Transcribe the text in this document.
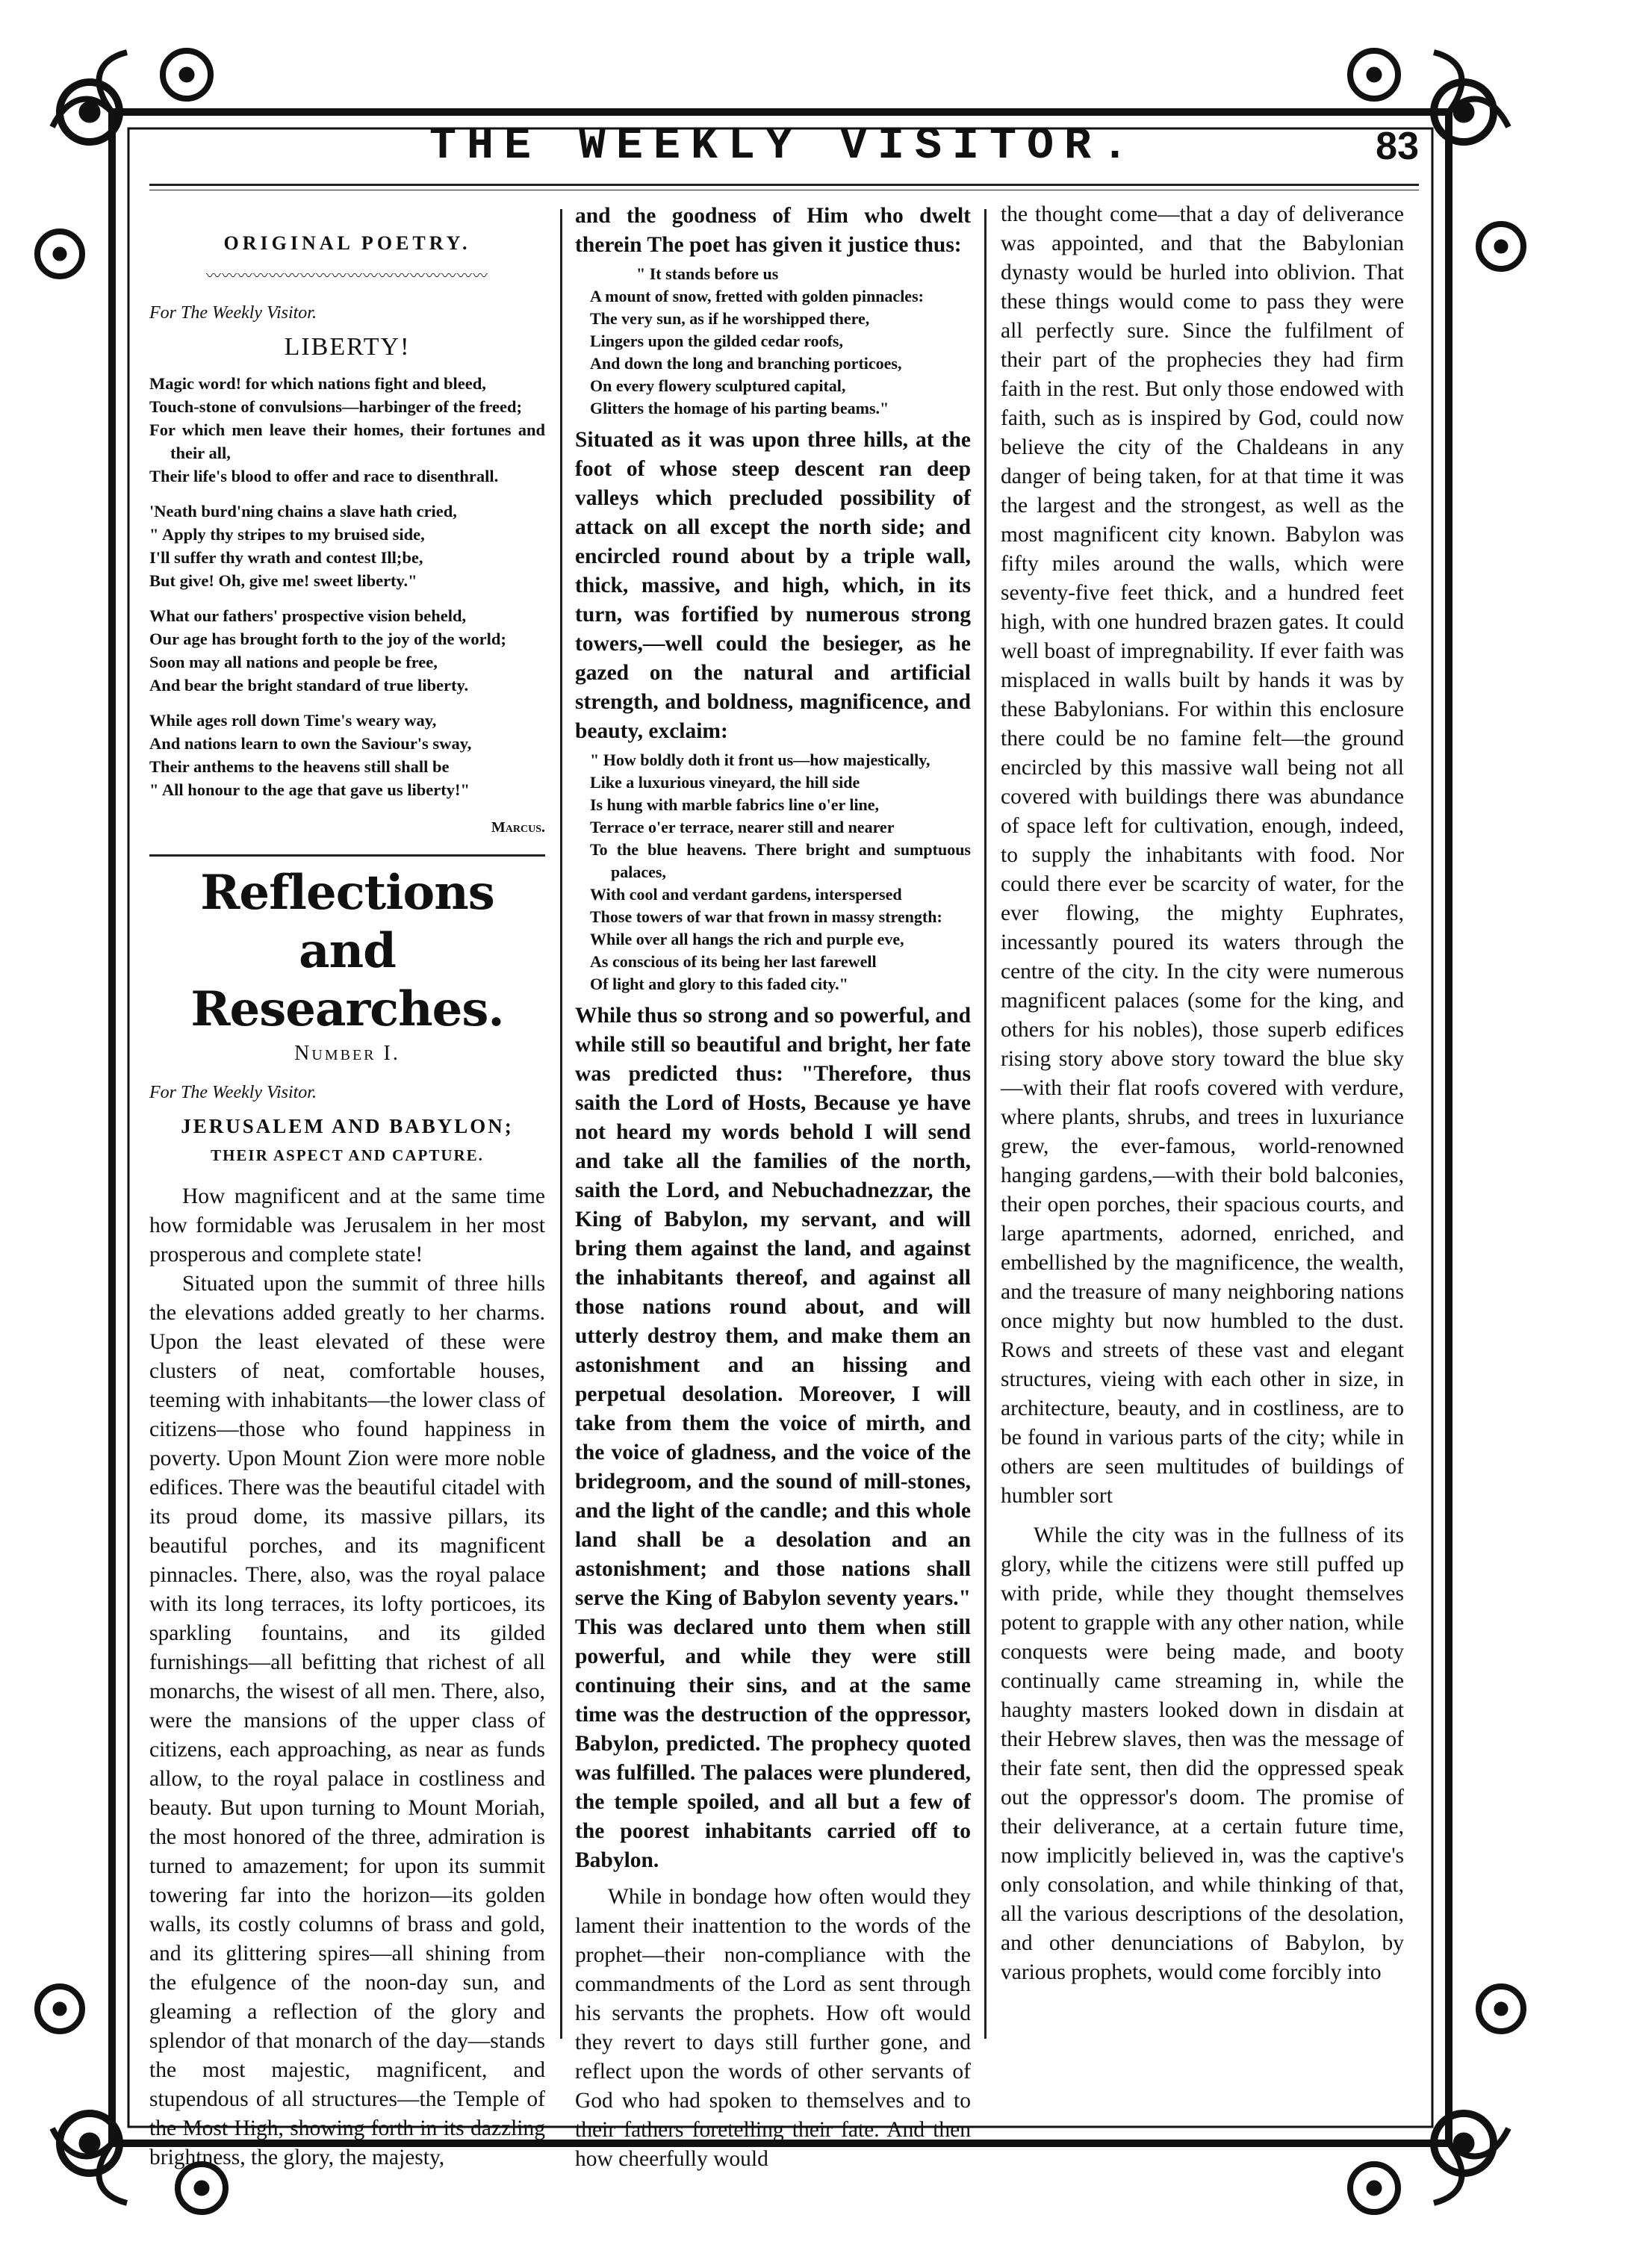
THE WEEKLY VISITOR.	83
ORIGINAL POETRY.
〰〰〰〰〰〰〰〰〰〰〰〰〰〰〰〰〰〰
For The Weekly Visitor.
LIBERTY!

Magic word! for which nations fight and bleed,

Touch-stone of convulsions—harbinger of the freed;

For which men leave their homes, their fortunes and their all,

Their life's blood to offer and race to disenthrall.

'Neath burd'ning chains a slave hath cried,

" Apply thy stripes to my bruised side,

I'll suffer thy wrath and contest Ill;be,

But give! Oh, give me! sweet liberty."

What our fathers' prospective vision beheld,

Our age has brought forth to the joy of the world;

Soon may all nations and people be free,

And bear the bright standard of true liberty.

While ages roll down Time's weary way,

And nations learn to own the Saviour's sway,

Their anthems to the heavens still shall be

" All honour to the age that gave us liberty!"

Marcus.
Reflections and Researches.
Number I.
For The Weekly Visitor.
JERUSALEM AND BABYLON;
THEIR ASPECT AND CAPTURE.

How magnificent and at the same time how formidable was Jerusalem in her most prosperous and complete state!

Situated upon the summit of three hills the elevations added greatly to her charms. Upon the least elevated of these were clusters of neat, comfortable houses, teeming with inhabitants—the lower class of citizens—those who found happiness in poverty. Upon Mount Zion were more noble edifices. There was the beautiful citadel with its proud dome, its massive pillars, its beautiful porches, and its magnificent pinnacles. There, also, was the royal palace with its long terraces, its lofty porticoes, its sparkling fountains, and its gilded furnishings—all befitting that richest of all monarchs, the wisest of all men. There, also, were the mansions of the upper class of citizens, each approaching, as near as funds allow, to the royal palace in costliness and beauty. But upon turning to Mount Moriah, the most honored of the three, admiration is turned to amazement; for upon its summit towering far into the horizon—its golden walls, its costly columns of brass and gold, and its glittering spires—all shining from the efulgence of the noon-day sun, and gleaming a reflection of the glory and splendor of that monarch of the day—stands the most majestic, magnificent, and stupendous of all structures—the Temple of the Most High, showing forth in its dazzling brightness, the glory, the majesty,

and the goodness of Him who dwelt therein The poet has given it justice thus:

" It stands before us

A mount of snow, fretted with golden pinnacles:

The very sun, as if he worshipped there,

Lingers upon the gilded cedar roofs,

And down the long and branching porticoes,

On every flowery sculptured capital,

Glitters the homage of his parting beams."

Situated as it was upon three hills, at the foot of whose steep descent ran deep valleys which precluded possibility of attack on all except the north side; and encircled round about by a triple wall, thick, massive, and high, which, in its turn, was fortified by numerous strong towers,—well could the besieger, as he gazed on the natural and artificial strength, and boldness, magnificence, and beauty, exclaim:

" How boldly doth it front us—how majestically,

Like a luxurious vineyard, the hill side

Is hung with marble fabrics line o'er line,

Terrace o'er terrace, nearer still and nearer

To the blue heavens. There bright and sumptuous palaces,

With cool and verdant gardens, interspersed

Those towers of war that frown in massy strength:

While over all hangs the rich and purple eve,

As conscious of its being her last farewell

Of light and glory to this faded city."

While thus so strong and so powerful, and while still so beautiful and bright, her fate was predicted thus: "Therefore, thus saith the Lord of Hosts, Because ye have not heard my words behold I will send and take all the families of the north, saith the Lord, and Nebuchadnezzar, the King of Babylon, my servant, and will bring them against the land, and against the inhabitants thereof, and against all those nations round about, and will utterly destroy them, and make them an astonishment and an hissing and perpetual desolation. Moreover, I will take from them the voice of mirth, and the voice of gladness, and the voice of the bridegroom, and the sound of mill-stones, and the light of the candle; and this whole land shall be a desolation and an astonishment; and those nations shall serve the King of Babylon seventy years." This was declared unto them when still powerful, and while they were still continuing their sins, and at the same time was the destruction of the oppressor, Babylon, predicted. The prophecy quoted was fulfilled. The palaces were plundered, the temple spoiled, and all but a few of the poorest inhabitants carried off to Babylon.

While in bondage how often would they lament their inattention to the words of the prophet—their non-compliance with the commandments of the Lord as sent through his servants the prophets. How oft would they revert to days still further gone, and reflect upon the words of other servants of God who had spoken to themselves and to their fathers foretelling their fate. And then how cheerfully would

the thought come—that a day of deliverance was appointed, and that the Babylonian dynasty would be hurled into oblivion. That these things would come to pass they were all perfectly sure. Since the fulfilment of their part of the prophecies they had firm faith in the rest. But only those endowed with faith, such as is inspired by God, could now believe the city of the Chaldeans in any danger of being taken, for at that time it was the largest and the strongest, as well as the most magnificent city known. Babylon was fifty miles around the walls, which were seventy-five feet thick, and a hundred feet high, with one hundred brazen gates. It could well boast of impregnability. If ever faith was misplaced in walls built by hands it was by these Babylonians. For within this enclosure there could be no famine felt—the ground encircled by this massive wall being not all covered with buildings there was abundance of space left for cultivation, enough, indeed, to supply the inhabitants with food. Nor could there ever be scarcity of water, for the ever flowing, the mighty Euphrates, incessantly poured its waters through the centre of the city. In the city were numerous magnificent palaces (some for the king, and others for his nobles), those superb edifices rising story above story toward the blue sky—with their flat roofs covered with verdure, where plants, shrubs, and trees in luxuriance grew, the ever-famous, world-renowned hanging gardens,—with their bold balconies, their open porches, their spacious courts, and large apartments, adorned, enriched, and embellished by the magnificence, the wealth, and the treasure of many neighboring nations once mighty but now humbled to the dust. Rows and streets of these vast and elegant structures, vieing with each other in size, in architecture, beauty, and in costliness, are to be found in various parts of the city; while in others are seen multitudes of buildings of humbler sort

While the city was in the fullness of its glory, while the citizens were still puffed up with pride, while they thought themselves potent to grapple with any other nation, while conquests were being made, and booty continually came streaming in, while the haughty masters looked down in disdain at their Hebrew slaves, then was the message of their fate sent, then did the oppressed speak out the oppressor's doom. The promise of their deliverance, at a certain future time, now implicitly believed in, was the captive's only consolation, and while thinking of that, all the various descriptions of the desolation, and other denunciations of Babylon, by various prophets, would come forcibly into
